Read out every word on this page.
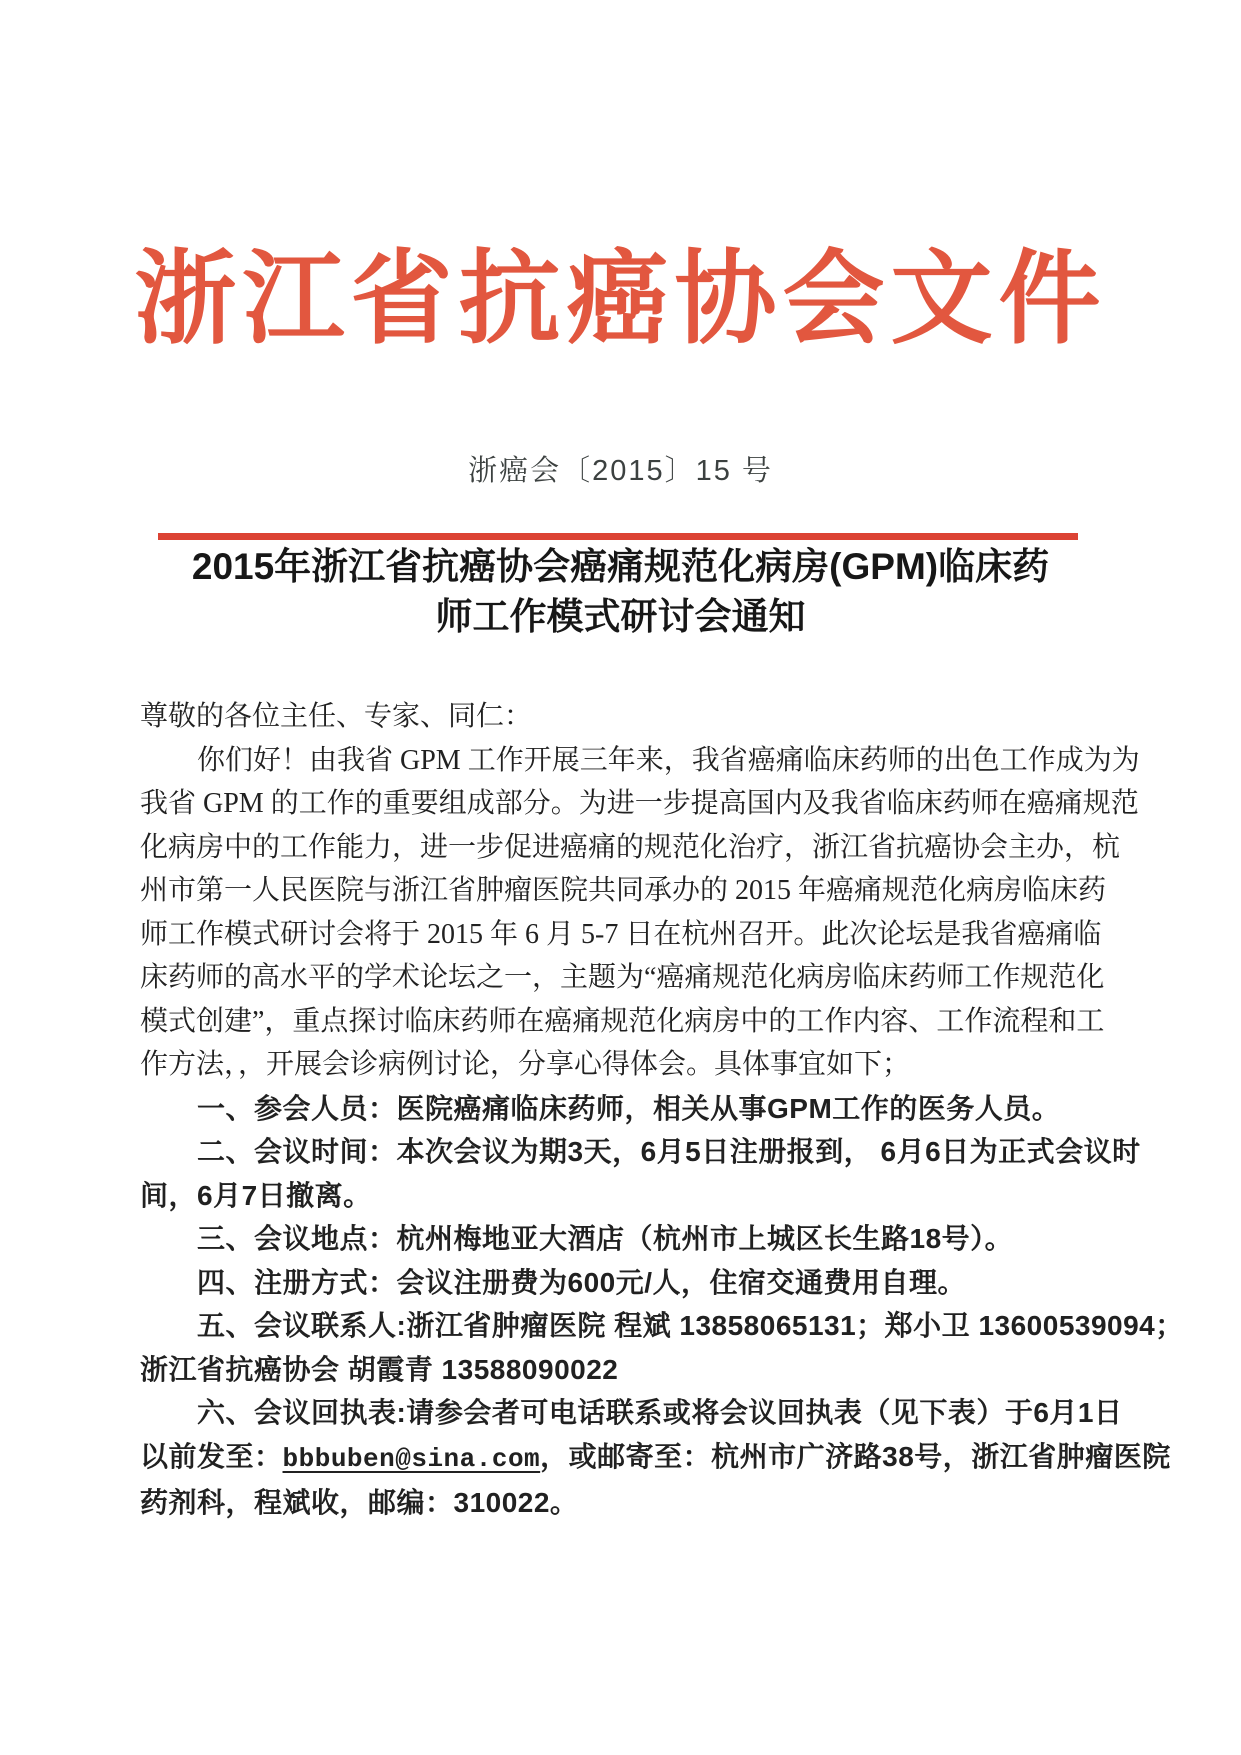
浙江省抗癌协会文件
浙癌会〔2015〕15 号
2015年浙江省抗癌协会癌痛规范化病房(GPM)临床药
师工作模式研讨会通知
尊敬的各位主任、专家、同仁：
你们好！由我省 GPM 工作开展三年来，我省癌痛临床药师的出色工作成为为
我省 GPM 的工作的重要组成部分。为进一步提高国内及我省临床药师在癌痛规范
化病房中的工作能力，进一步促进癌痛的规范化治疗，浙江省抗癌协会主办，杭
州市第一人民医院与浙江省肿瘤医院共同承办的 2015 年癌痛规范化病房临床药
师工作模式研讨会将于 2015 年 6 月 5-7 日在杭州召开。此次论坛是我省癌痛临
床药师的高水平的学术论坛之一，主题为“癌痛规范化病房临床药师工作规范化
模式创建”，重点探讨临床药师在癌痛规范化病房中的工作内容、工作流程和工
作方法，，开展会诊病例讨论，分享心得体会。具体事宜如下；
一、参会人员：医院癌痛临床药师，相关从事GPM工作的医务人员。
二、会议时间：本次会议为期3天，6月5日注册报到， 6月6日为正式会议时
间，6月7日撤离。
三、会议地点：杭州梅地亚大酒店（杭州市上城区长生路18号）。
四、注册方式：会议注册费为600元/人，住宿交通费用自理。
五、会议联系人:浙江省肿瘤医院 程斌 13858065131；郑小卫 13600539094；
浙江省抗癌协会 胡霞青 13588090022
六、会议回执表:请参会者可电话联系或将会议回执表（见下表）于6月1日
以前发至：bbbuben@sina.com，或邮寄至：杭州市广济路38号，浙江省肿瘤医院
药剂科，程斌收，邮编：310022。
